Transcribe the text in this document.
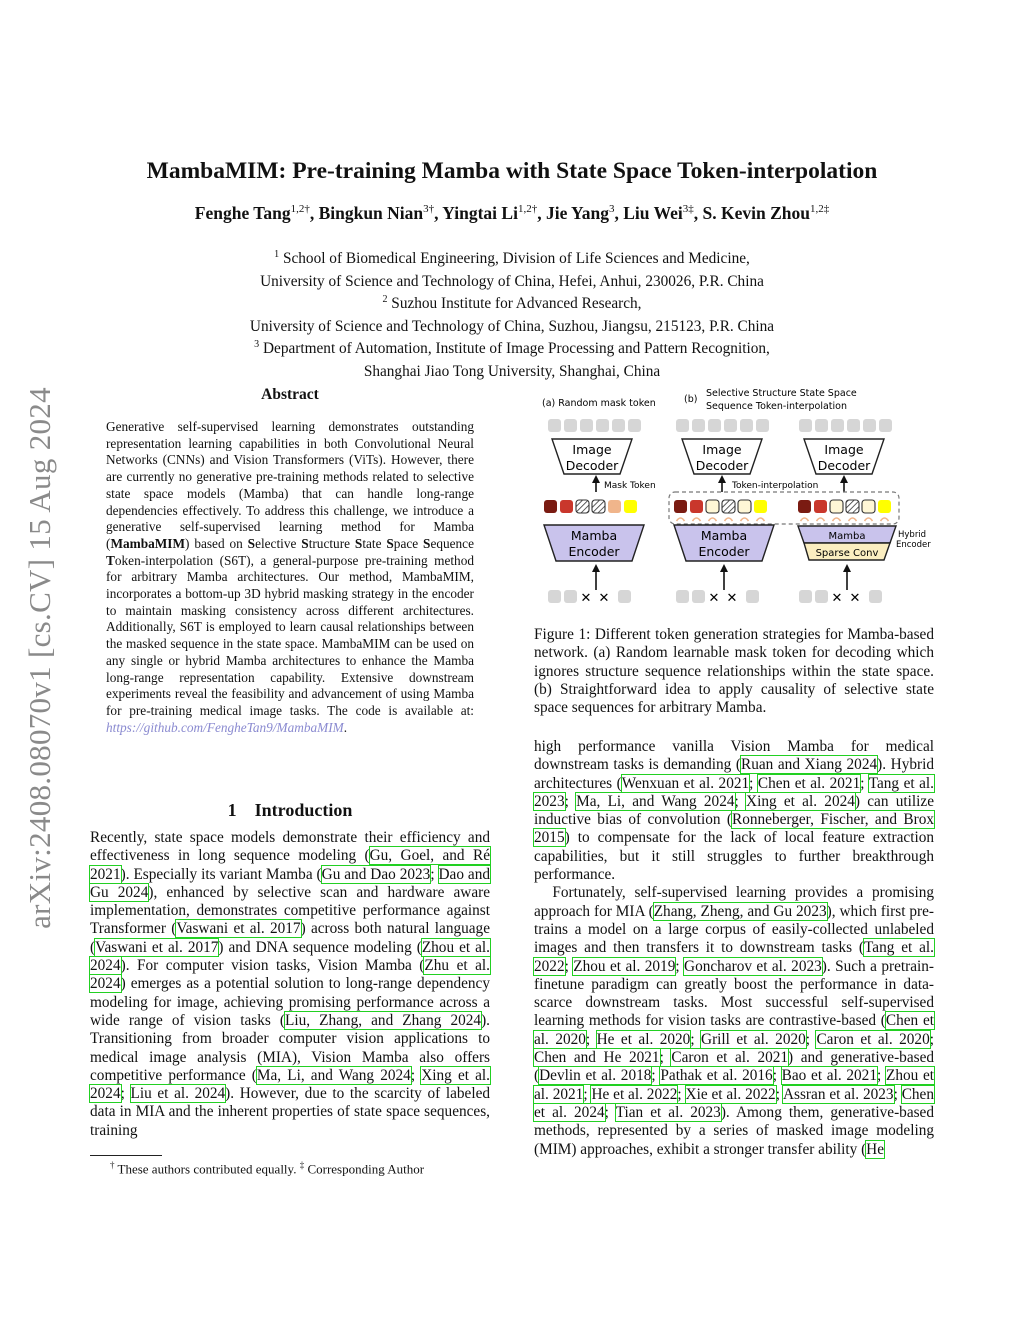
arXiv:2408.08070v1 [cs.CV] 15 Aug 2024
MambaMIM: Pre-training Mamba with State Space Token-interpolation
Fenghe Tang$^{1,2\dagger}$, Bingkun Nian$^{3\dagger}$, Yingtai $Li^{1,2\dagger}$, Jie Yang$^3$, Liu Wei$^{3\ddagger}$, S. Kevin Zhou$^{1,2\ddagger}$
$^1$ School of Biomedical Engineering, Division of Life Sciences and Medicine,
University of Science and Technology of China, Hefei, Anhui, 230026, P.R. China
$^2$ Suzhou Institute for Advanced Research,
University of Science and Technology of China, Suzhou, Jiangsu, 215123, P.R. China
$^3$ Department of Automation, Institute of Image Processing and Pattern Recognition,
Shanghai Jiao Tong University, Shanghai, China
Abstract
Generative self-supervised learning demonstrates outstanding representation learning capabilities in both Convolutional Neural Networks (CNNs) and Vision Transformers (ViTs). However, there are currently no generative pre-training methods related to selective state space models (Mamba) that can handle long-range dependencies effectively. To address this challenge, we introduce a generative self-supervised learning method for Mamba (MambaMIM) based on Selective Structure State Space Sequence Token-interpolation (S6T), a general-purpose pre-training method for arbitrary Mamba architectures. Our method, MambaMIM, incorporates a bottom-up 3D hybrid masking strategy in the encoder to maintain masking consistency across different architectures. Additionally, S6T is employed to learn causal relationships between the masked sequence in the state space. MambaMIM can be used on any single or hybrid Mamba architectures to enhance the Mamba long-range representation capability. Extensive downstream experiments reveal the feasibility and advancement of using Mamba for pre-training medical image tasks. The code is available at: https://github.com/FengheTan9/MambaMIM.
1 Introduction

Recently, state space models demonstrate their efficiency and effectiveness in long sequence modeling (Gu, Goel, and Ré 2021). Especially its variant Mamba (Gu and Dao 2023; Dao and Gu 2024), enhanced by selective scan and hardware aware implementation, demonstrates competitive performance against Transformer (Vaswani et al. 2017) across both natural language (Vaswani et al. 2017) and DNA sequence modeling (Zhou et al. 2024). For computer vision tasks, Vision Mamba (Zhu et al. 2024) emerges as a potential solution to long-range dependency modeling for image, achieving promising performance across a wide range of vision tasks (Liu, Zhang, and Zhang 2024). Transitioning from broader computer vision applications to medical image analysis (MIA), Vision Mamba also offers competitive performance (Ma, Li, and Wang 2024; Xing et al. 2024; Liu et al. 2024). However, due to the scarcity of labeled data in MIA and the inherent properties of state space sequences, training

† These authors contributed equally. ‡ Corresponding Author
(a) Random mask token	(b)
Selective Structure State Space
Sequence Token-interpolation
Image
Decoder
Image
Decoder
Image
Decoder
Mask Token	Token-interpolation
Mamba
Encoder
Mamba
Encoder
Mamba
Sparse Conv
Hybrid
Encoder
✕ ✕	✕ ✕	✕ ✕
Figure 1: Different token generation strategies for Mamba-based network. (a) Random learnable mask token for decoding which ignores structure sequence relationships within the state space. (b) Straightforward idea to apply causality of selective state space sequences for arbitrary Mamba.

high performance vanilla Vision Mamba for medical downstream tasks is demanding (Ruan and Xiang 2024). Hybrid architectures (Wenxuan et al. 2021; Chen et al. 2021; Tang et al. 2023; Ma, Li, and Wang 2024; Xing et al. 2024) can utilize inductive bias of convolution (Ronneberger, Fischer, and Brox 2015) to compensate for the lack of local feature extraction capabilities, but it still struggles to further breakthrough performance.

Fortunately, self-supervised learning provides a promising approach for MIA (Zhang, Zheng, and Gu 2023), which first pre-trains a model on a large corpus of easily-collected unlabeled images and then transfers it to downstream tasks (Tang et al. 2022; Zhou et al. 2019; Goncharov et al. 2023). Such a pretrain-finetune paradigm can greatly boost the performance in data-scarce downstream tasks. Most successful self-supervised learning methods for vision tasks are contrastive-based (Chen et al. 2020; He et al. 2020; Grill et al. 2020; Caron et al. 2020; Chen and He 2021; Caron et al. 2021) and generative-based (Devlin et al. 2018; Pathak et al. 2016; Bao et al. 2021; Zhou et al. 2021; He et al. 2022; Xie et al. 2022; Assran et al. 2023; Chen et al. 2024; Tian et al. 2023). Among them, generative-based methods, represented by a series of masked image modeling (MIM) approaches, exhibit a stronger transfer ability (He
